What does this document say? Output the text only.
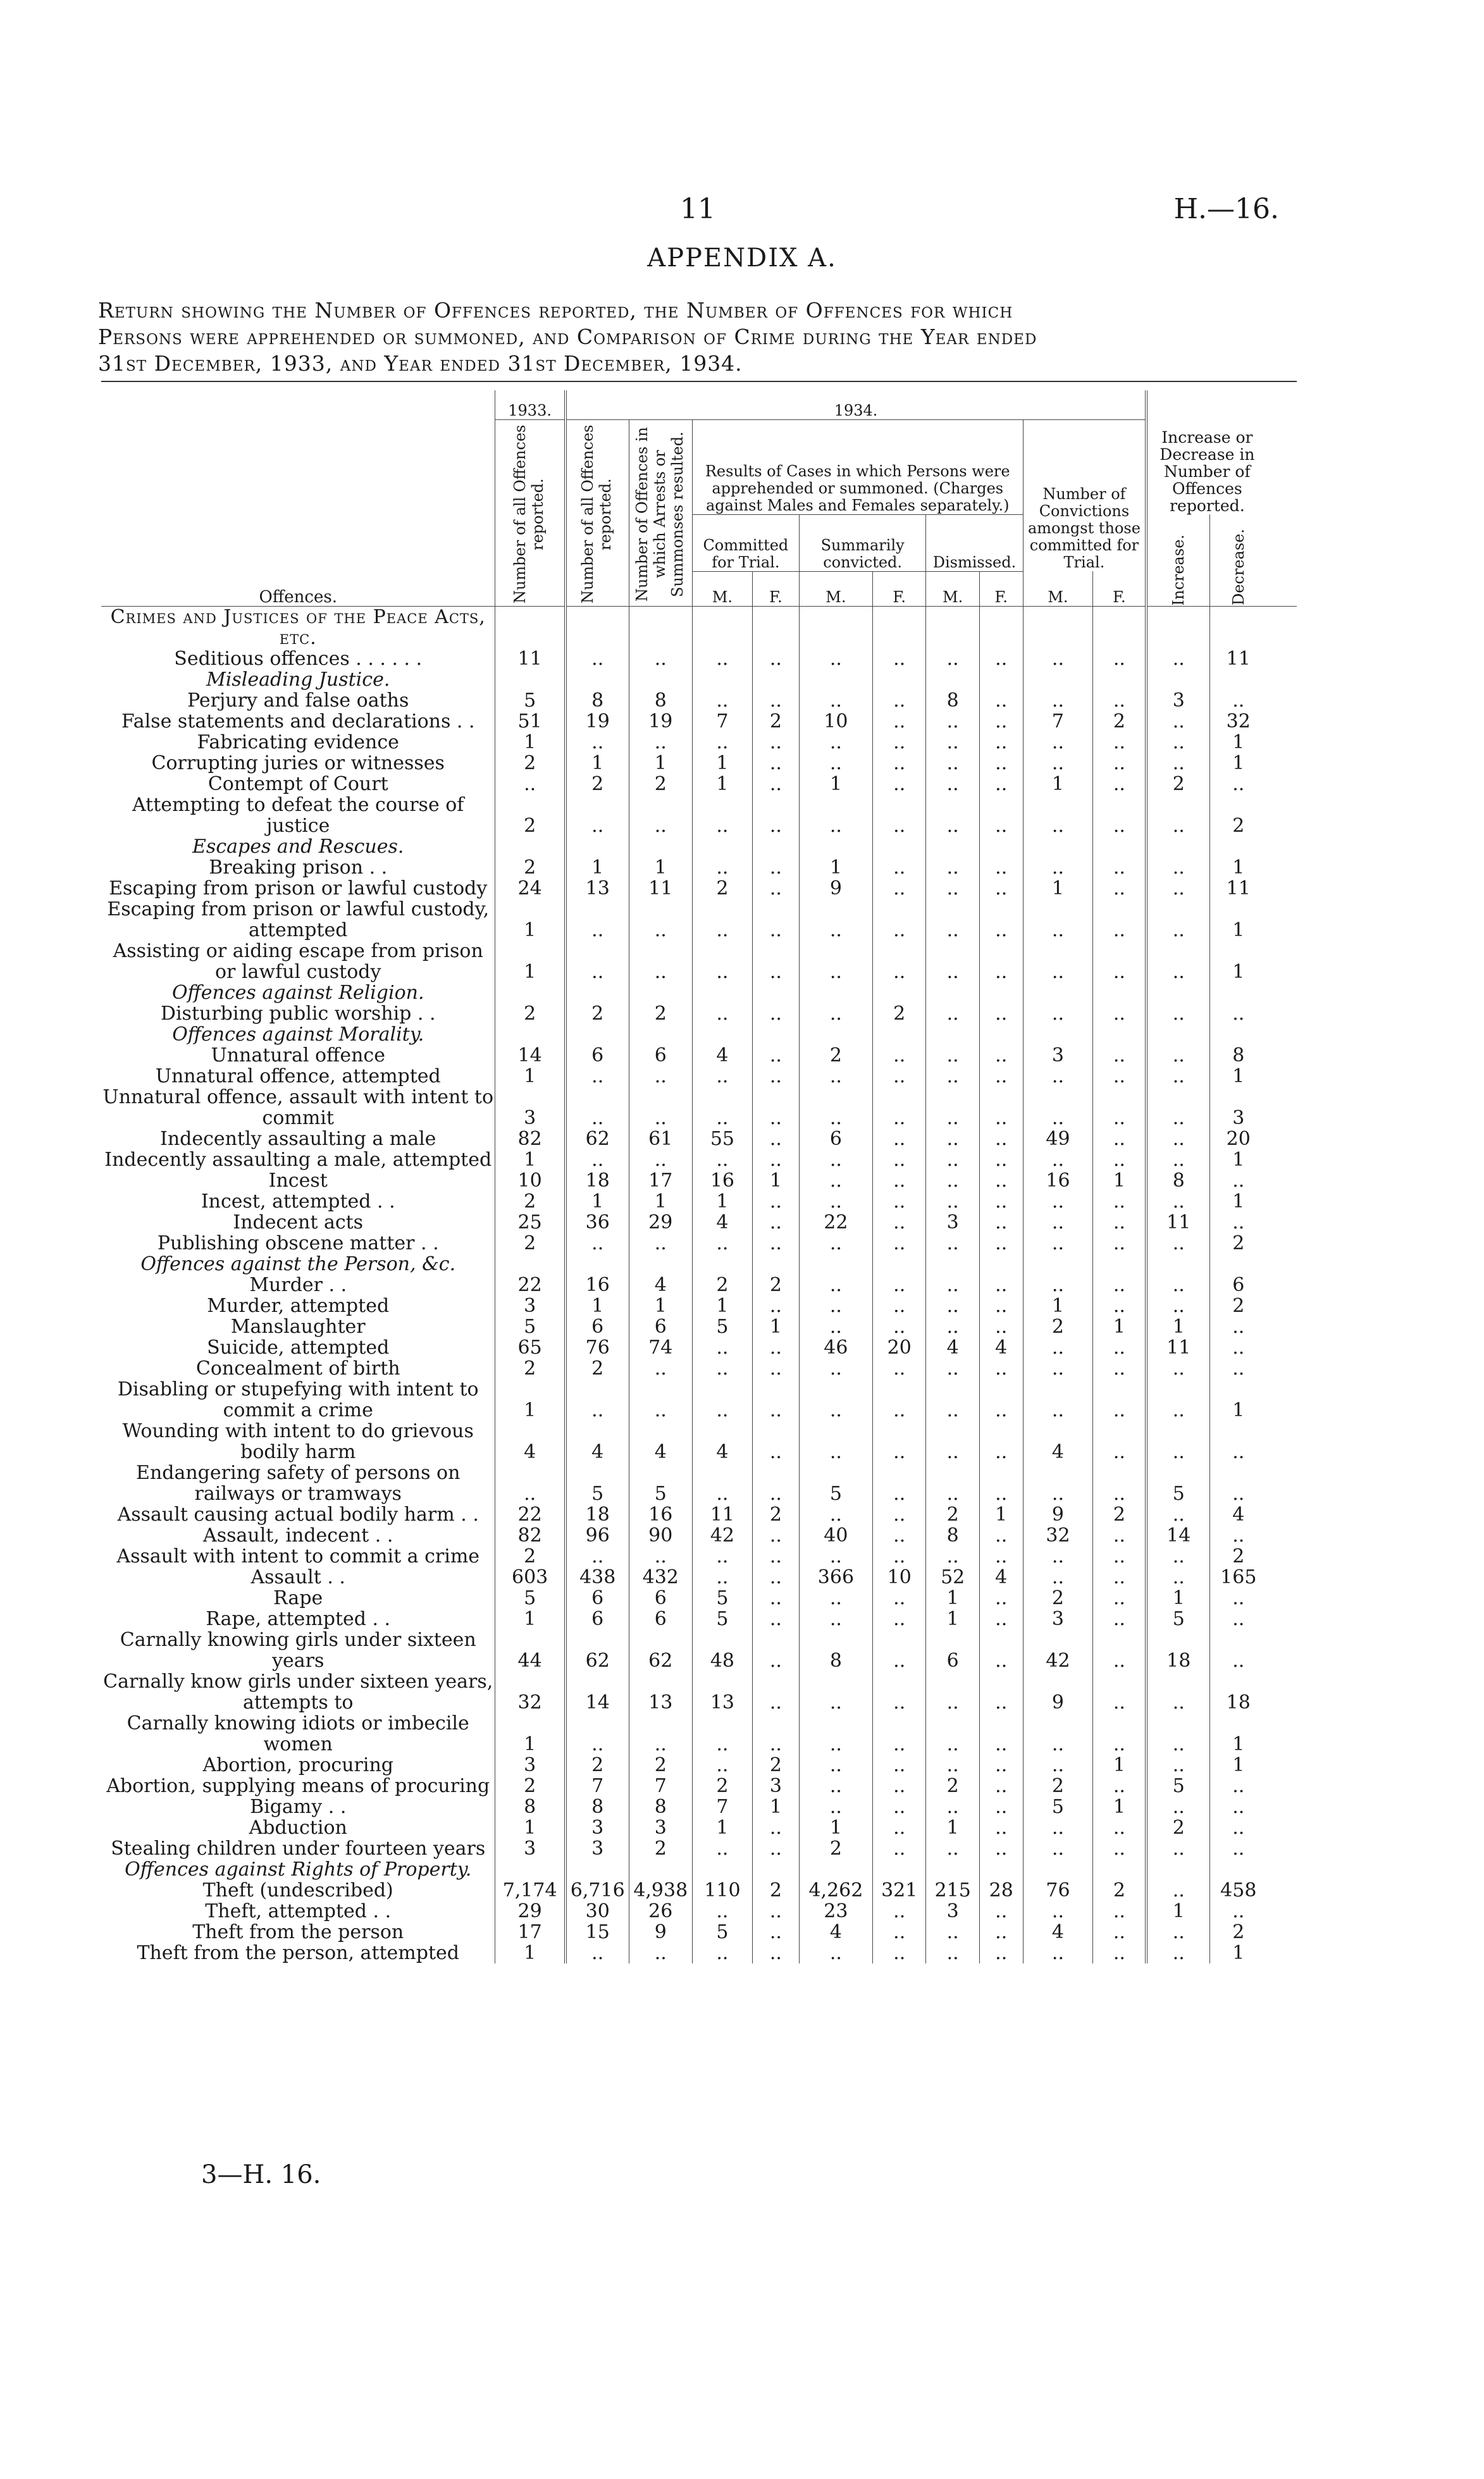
11	H.—16.
APPENDIX A.
Return showing the Number of Offences reported, the Number of Offences for which
Persons were apprehended or summoned, and Comparison of Crime during the Year ended
31st December, 1933, and Year ended 31st December, 1934.
Offences.	1933.	1934.										Increase or Decrease in Number of Offences reported.		

	Number of all Offences reported.	Number of all Offences reported.	Number of Offences in which Arrests or Summonses resulted.	Results of Cases in which Persons were apprehended or summoned. (Charges against Males and Females separately.)						Number of Convictions amongst those committed for Trial.				
				Committed for Trial.		Summarily convicted.		Dismissed.				Increase.	Decrease.	

				M.	F.	M.	F.	M.	F.	M.	F.			
Crimes and Justices of the Peace Acts, etc.														
Seditious offences . . . . . .	11	..	..	..	..	..	..	..	..	..	..	..	11	
Misleading Justice.														
Perjury and false oaths	5	8	8	..	..	..	..	8	..	..	..	3	..	
False statements and declarations . .	51	19	19	7	2	10	..	..	..	7	2	..	32	
Fabricating evidence	1	..	..	..	..	..	..	..	..	..	..	..	1	
Corrupting juries or witnesses	2	1	1	1	..	..	..	..	..	..	..	..	1	
Contempt of Court	..	2	2	1	..	1	..	..	..	1	..	2	..	
Attempting to defeat the course of justice	2	..	..	..	..	..	..	..	..	..	..	..	2	
Escapes and Rescues.														
Breaking prison . .	2	1	1	..	..	1	..	..	..	..	..	..	1	
Escaping from prison or lawful custody	24	13	11	2	..	9	..	..	..	1	..	..	11	
Escaping from prison or lawful custody, attempted	1	..	..	..	..	..	..	..	..	..	..	..	1	
Assisting or aiding escape from prison or lawful custody	1	..	..	..	..	..	..	..	..	..	..	..	1	
Offences against Religion.														
Disturbing public worship . .	2	2	2	..	..	..	2	..	..	..	..	..	..	
Offences against Morality.														
Unnatural offence	14	6	6	4	..	2	..	..	..	3	..	..	8	
Unnatural offence, attempted	1	..	..	..	..	..	..	..	..	..	..	..	1	
Unnatural offence, assault with intent to commit	3	..	..	..	..	..	..	..	..	..	..	..	3	
Indecently assaulting a male	82	62	61	55	..	6	..	..	..	49	..	..	20	
Indecently assaulting a male, attempted	1	..	..	..	..	..	..	..	..	..	..	..	1	
Incest	10	18	17	16	1	..	..	..	..	16	1	8	..	
Incest, attempted . .	2	1	1	1	..	..	..	..	..	..	..	..	1	
Indecent acts	25	36	29	4	..	22	..	3	..	..	..	11	..	
Publishing obscene matter . .	2	..	..	..	..	..	..	..	..	..	..	..	2	
Offences against the Person, &c.														
Murder . .	22	16	4	2	2	..	..	..	..	..	..	..	6	
Murder, attempted	3	1	1	1	..	..	..	..	..	1	..	..	2	
Manslaughter	5	6	6	5	1	..	..	..	..	2	1	1	..	
Suicide, attempted	65	76	74	..	..	46	20	4	4	..	..	11	..	
Concealment of birth	2	2	..	..	..	..	..	..	..	..	..	..	..	
Disabling or stupefying with intent to commit a crime	1	..	..	..	..	..	..	..	..	..	..	..	1	
Wounding with intent to do grievous bodily harm	4	4	4	4	..	..	..	..	..	4	..	..	..	
Endangering safety of persons on railways or tramways	..	5	5	..	..	5	..	..	..	..	..	5	..	
Assault causing actual bodily harm . .	22	18	16	11	2	..	..	2	1	9	2	..	4	
Assault, indecent . .	82	96	90	42	..	40	..	8	..	32	..	14	..	
Assault with intent to commit a crime	2	..	..	..	..	..	..	..	..	..	..	..	2	
Assault . .	603	438	432	..	..	366	10	52	4	..	..	..	165	
Rape	5	6	6	5	..	..	..	1	..	2	..	1	..	
Rape, attempted . .	1	6	6	5	..	..	..	1	..	3	..	5	..	
Carnally knowing girls under sixteen years	44	62	62	48	..	8	..	6	..	42	..	18	..	
Carnally know girls under sixteen years, attempts to	32	14	13	13	..	..	..	..	..	9	..	..	18	
Carnally knowing idiots or imbecile women	1	..	..	..	..	..	..	..	..	..	..	..	1	
Abortion, procuring	3	2	2	..	2	..	..	..	..	..	1	..	1	
Abortion, supplying means of procuring	2	7	7	2	3	..	..	2	..	2	..	5	..	
Bigamy . .	8	8	8	7	1	..	..	..	..	5	1	..	..	
Abduction	1	3	3	1	..	1	..	1	..	..	..	2	..	
Stealing children under fourteen years	3	3	2	..	..	2	..	..	..	..	..	..	..	
Offences against Rights of Property.														
Theft (undescribed)	7,174	6,716	4,938	110	2	4,262	321	215	28	76	2	..	458	
Theft, attempted . .	29	30	26	..	..	23	..	3	..	..	..	1	..	
Theft from the person	17	15	9	5	..	4	..	..	..	4	..	..	2	
Theft from the person, attempted	1	..	..	..	..	..	..	..	..	..	..	..	1	
3—H. 16.
